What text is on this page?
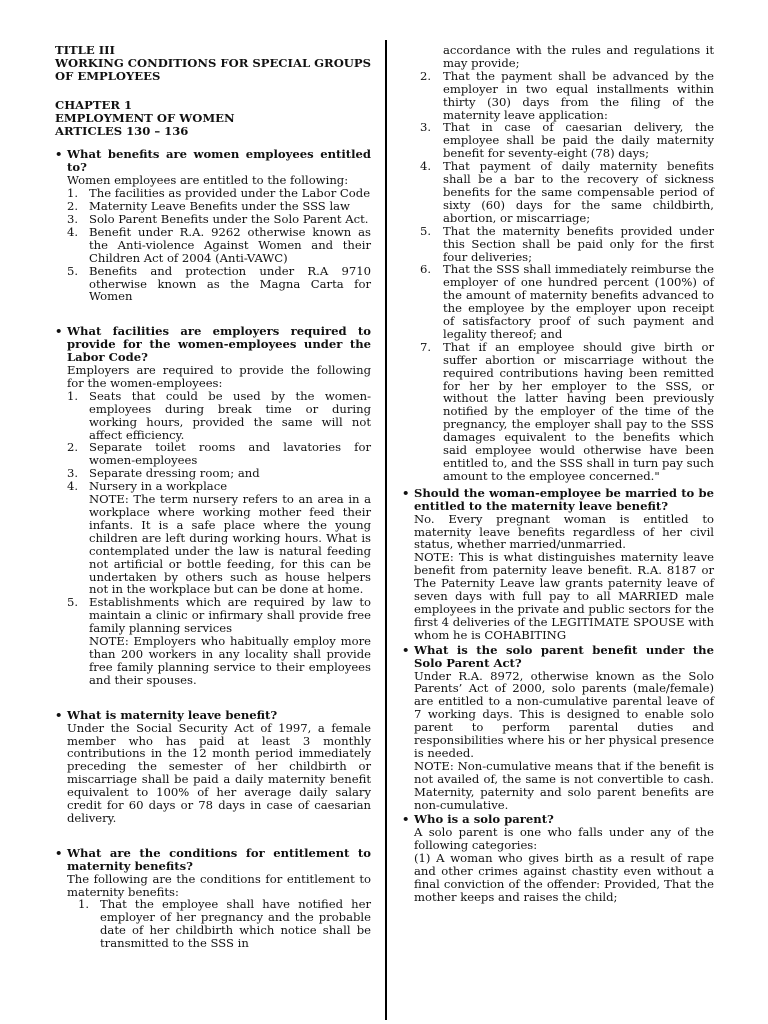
TITLE III
WORKING CONDITIONS FOR SPECIAL GROUPS OF EMPLOYEES
CHAPTER 1
EMPLOYMENT OF WOMEN
ARTICLES 130 – 136
• What benefits are women employees entitled to?
Women employees are entitled to the following:
1. The facilities as provided under the Labor Code
2. Maternity Leave Benefits under the SSS law
3. Solo Parent Benefits under the Solo Parent Act.
4. Benefit under R.A. 9262 otherwise known as the Anti-violence Against Women and their Children Act of 2004 (Anti-VAWC)
5. Benefits and protection under R.A 9710 otherwise known as the Magna Carta for Women
• What facilities are employers required to provide for the women-employees under the Labor Code?
Employers are required to provide the following for the women-employees:
1. Seats that could be used by the women-employees during break time or during working hours, provided the same will not affect efficiency.
2. Separate toilet rooms and lavatories for women-employees
3. Separate dressing room; and
4. Nursery in a workplace
NOTE: The term nursery refers to an area in a workplace where working mother feed their infants. It is a safe place where the young children are left during working hours. What is contemplated under the law is natural feeding not artificial or bottle feeding, for this can be undertaken by others such as house helpers not in the workplace but can be done at home.
5. Establishments which are required by law to maintain a clinic or infirmary shall provide free family planning services
NOTE: Employers who habitually employ more than 200 workers in any locality shall provide free family planning service to their employees and their spouses.
• What is maternity leave benefit?
Under the Social Security Act of 1997, a female member who has paid at least 3 monthly contributions in the 12 month period immediately preceding the semester of her childbirth or miscarriage shall be paid a daily maternity benefit equivalent to 100% of her average daily salary credit for 60 days or 78 days in case of caesarian delivery.
• What are the conditions for entitlement to maternity benefits?
The following are the conditions for entitlement to maternity benefits:
1. That the employee shall have notified her employer of her pregnancy and the probable date of her childbirth which notice shall be transmitted to the SSS in
accordance with the rules and regulations it may provide;
2. That the payment shall be advanced by the employer in two equal installments within thirty (30) days from the filing of the maternity leave application:
3. That in case of caesarian delivery, the employee shall be paid the daily maternity benefit for seventy-eight (78) days;
4. That payment of daily maternity benefits shall be a bar to the recovery of sickness benefits for the same compensable period of sixty (60) days for the same childbirth, abortion, or miscarriage;
5. That the maternity benefits provided under this Section shall be paid only for the first four deliveries;
6. That the SSS shall immediately reimburse the employer of one hundred percent (100%) of the amount of maternity benefits advanced to the employee by the employer upon receipt of satisfactory proof of such payment and legality thereof; and
7. That if an employee should give birth or suffer abortion or miscarriage without the required contributions having been remitted for her by her employer to the SSS, or without the latter having been previously notified by the employer of the time of the pregnancy, the employer shall pay to the SSS damages equivalent to the benefits which said employee would otherwise have been entitled to, and the SSS shall in turn pay such amount to the employee concerned."
• Should the woman-employee be married to be entitled to the maternity leave benefit?
No. Every pregnant woman is entitled to maternity leave benefits regardless of her civil status, whether married/unmarried.
NOTE: This is what distinguishes maternity leave benefit from paternity leave benefit. R.A. 8187 or The Paternity Leave law grants paternity leave of seven days with full pay to all MARRIED male employees in the private and public sectors for the first 4 deliveries of the LEGITIMATE SPOUSE with whom he is COHABITING
• What is the solo parent benefit under the Solo Parent Act?
Under R.A. 8972, otherwise known as the Solo Parents’ Act of 2000, solo parents (male/female) are entitled to a non-cumulative parental leave of 7 working days. This is designed to enable solo parent to perform parental duties and responsibilities where his or her physical presence is needed.
NOTE: Non-cumulative means that if the benefit is not availed of, the same is not convertible to cash. Maternity, paternity and solo parent benefits are non-cumulative.
• Who is a solo parent?
A solo parent is one who falls under any of the following categories:
(1) A woman who gives birth as a result of rape and other crimes against chastity even without a final conviction of the offender: Provided, That the mother keeps and raises the child;
